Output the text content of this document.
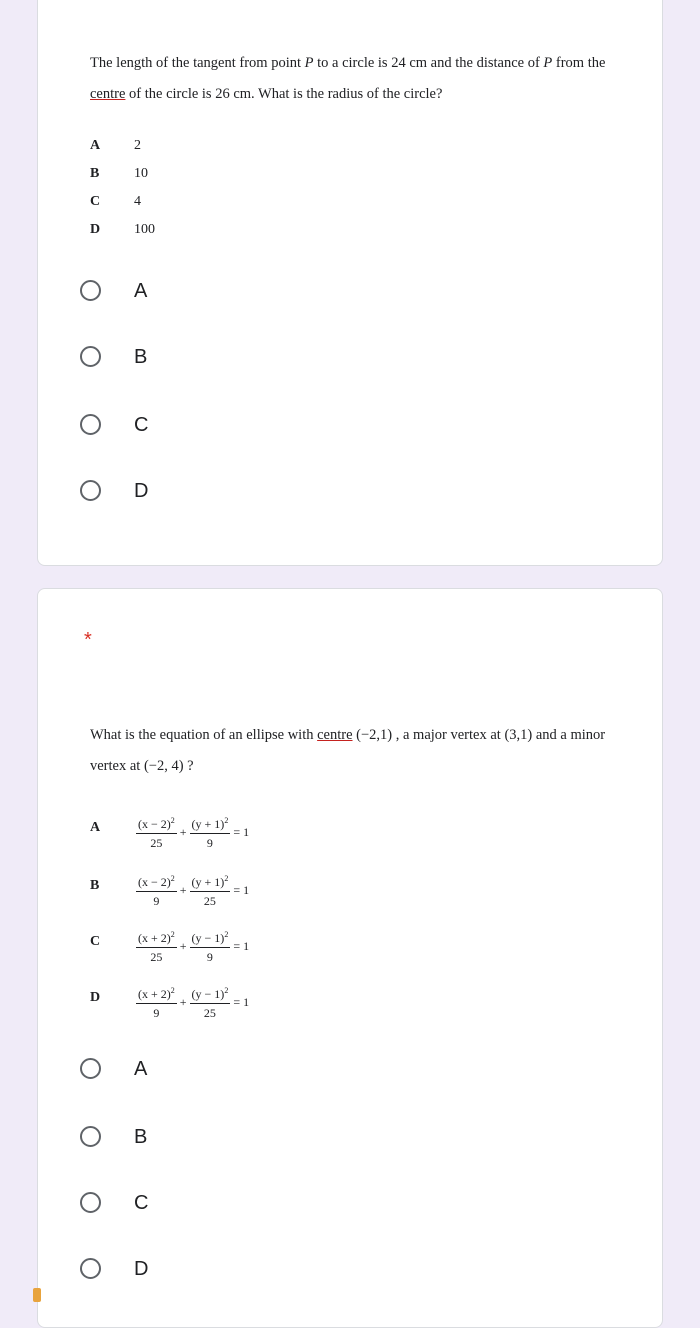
The length of the tangent from point P to a circle is 24 cm and the distance of P from the
centre of the circle is 26 cm. What is the radius of the circle?
A	2
B	10
C	4
D	100
A
B
C
D
*
What is the equation of an ellipse with centre (−2,1) , a major vertex at (3,1) and a minor
vertex at (−2, 4) ?
A	$\frac{(x - 2)^2}{25} + \frac{(y + 1)^2}{9} = 1$
B	$\frac{(x - 2)^2}{9} + \frac{(y + 1)^2}{25} = 1$
C	$\frac{(x + 2)^2}{25} + \frac{(y - 1)^2}{9} = 1$
D	$\frac{(x + 2)^2}{9} + \frac{(y - 1)^2}{25} = 1$
A
B
C
D
